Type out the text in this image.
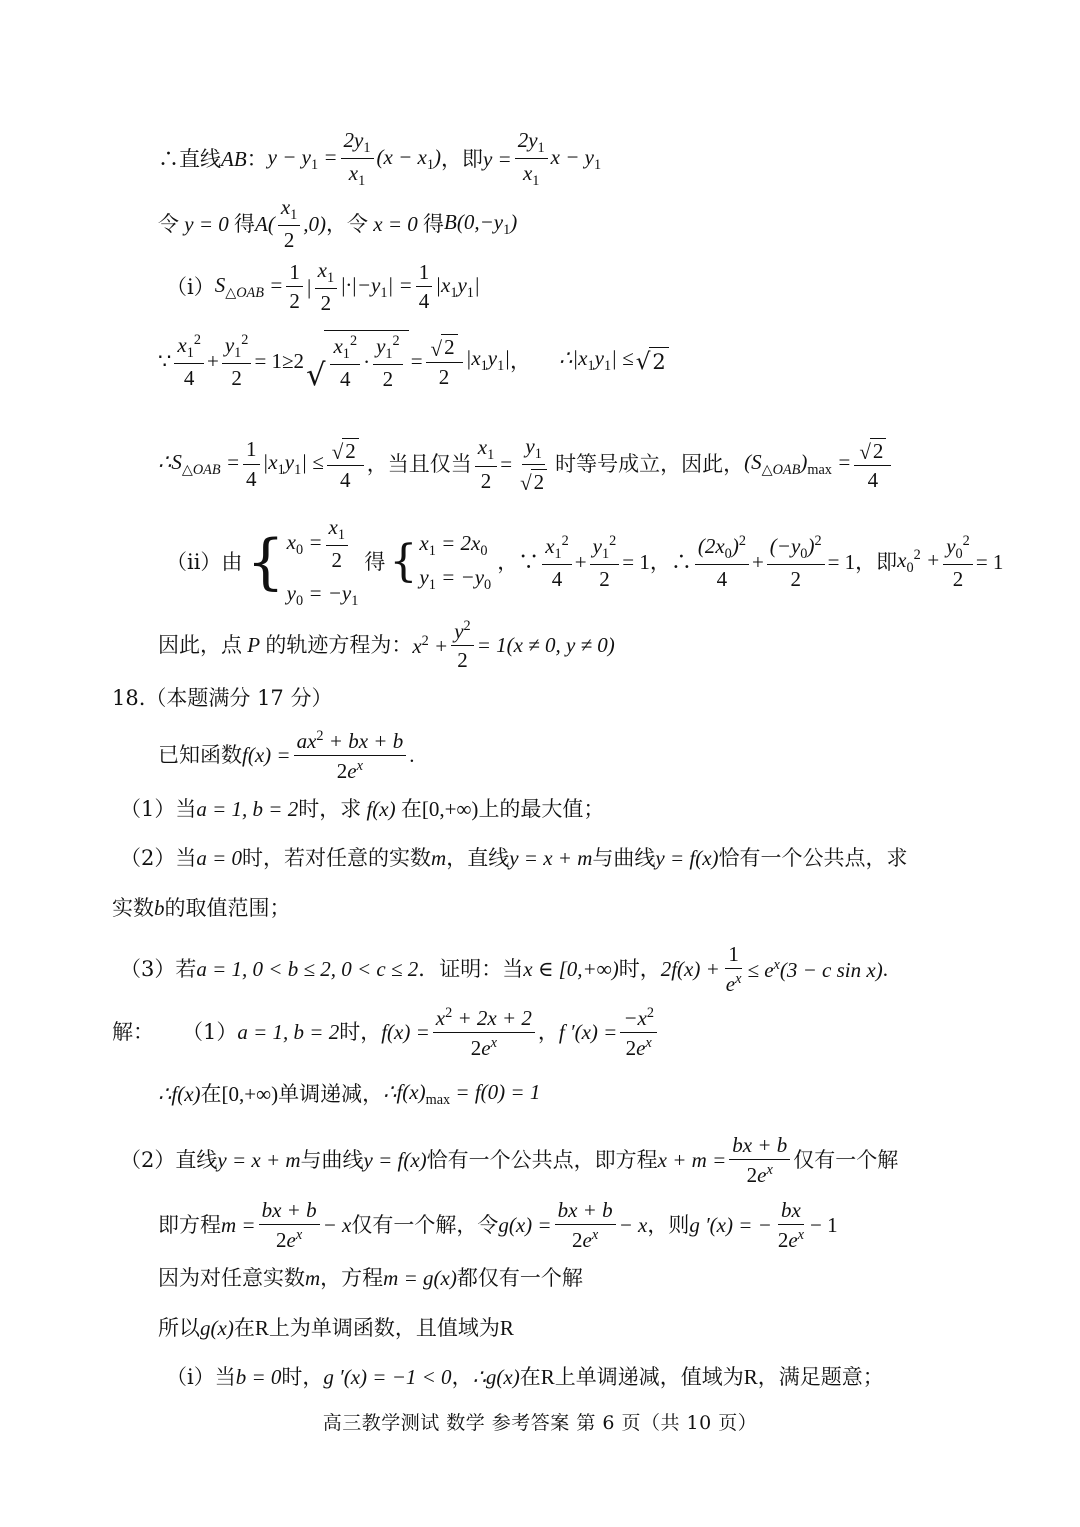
∴直线 AB ： $y - y_1 = \frac{2y_1}{x_1} (x - x_1)$ ，即 $y = \frac{2y_1}{x_1}$ $x - y_1$
令 y = 0 得 A(
$x_1$
2
,0) ， 令 x = 0 得 $B(0,-y_1)$
（i） $S_{\triangle OAB} = \frac{1}{2}$ |
$x_1$
2
$|\cdot|-y_1| = \frac{1}{4} |x_1y_1|$
∵
$x_1^2$
4
+ $\frac{y_1^2}{2} = 1\ge 2$ √
$x_1^2$
4
·
$y_1^2$
2
= $\frac{√ 2}{2} |x_1y_1|$ ， $\therefore|x_1y_1|$ ≤ √ 2
$\therefore S_{\triangle OAB} = \frac{1}{4} |x_1y_1| \le \frac{√ 2}{4}$ ，当且仅当 $\frac{x_1}{2} = \frac{y_1}{√ 2}$ 时等号成立，因此， $(S_{\triangle OAB})_{max} = \frac{√ 2}{4}$
（ii）由 { $x_0 = \frac{x_1}{2}$
$y_0 = -y_1$
得 { $x_1 = 2x_0$
$y_1 = -y_0$
，∵
$x_1^2$
4
+ $\frac{y_1^2}{2} = 1$，∴
$(2x_0)^2$
4
+ $\frac{(-y_0)^2}{2} = 1$，即 $x_0^2 + \frac{y_0^2}{2} = 1$
因此，点
P
的轨迹方程为： $x^2 + \frac{y^2}{2} = 1(x \ne 0$, y ≠ 0)
18.（本题满分 17 分）
已知函数 $f(x) = \frac{ax^2 + bx + b}{2e^x}$ .
（1）当 a = 1, b = 2 时，求 f(x) 在 [0,+∞) 上的最大值；
（2）当 a = 0 时，若对任意的实数 m ，直线 y = x + m 与曲线 y = f(x) 恰有一个公共点，求
实数 b 的取值范围；
（3）若 a = 1, 0 < b ≤ 2, 0 < c ≤ 2 ．证明：当 x ∈ [0,+∞) 时， $2f(x) + \frac{1}{e^x} \le e^x(3 - c$ sin x) .
解： （1） a = 1, b = 2 时， $f(x) = \frac{x^2 + 2x + 2}{2e^x}$ ， f $'(x) = \frac{-x^2}{2e^x}$
∴f(x) 在 [0,+∞) 单调递减， $\therefore f(x)_{max} = f(0) = 1$
（2）直线 y = x + m 与曲线 y = f(x) 恰有一个公共点，即方程 $x + m = \frac{bx + b}{2e^x}$ 仅有一个解
即方程 $m = \frac{bx + b}{2e^x} - x$ 仅有一个解，令 $g(x) = \frac{bx + b}{2e^x} - x$ ，则 g ′(x) = − $\frac{bx}{2e^x} - 1$
因为对任意实数 m ，方程 m = g(x) 都仅有一个解
所以 g(x) 在 R 上为单调函数，且值域为 R
（i）当 b = 0 时， g ′(x) = −1 < 0 ， ∴g(x) 在 R 上单调递减，值域为 R ，满足题意；
高三教学测试 数学 参考答案 第 6 页（共 10 页）
